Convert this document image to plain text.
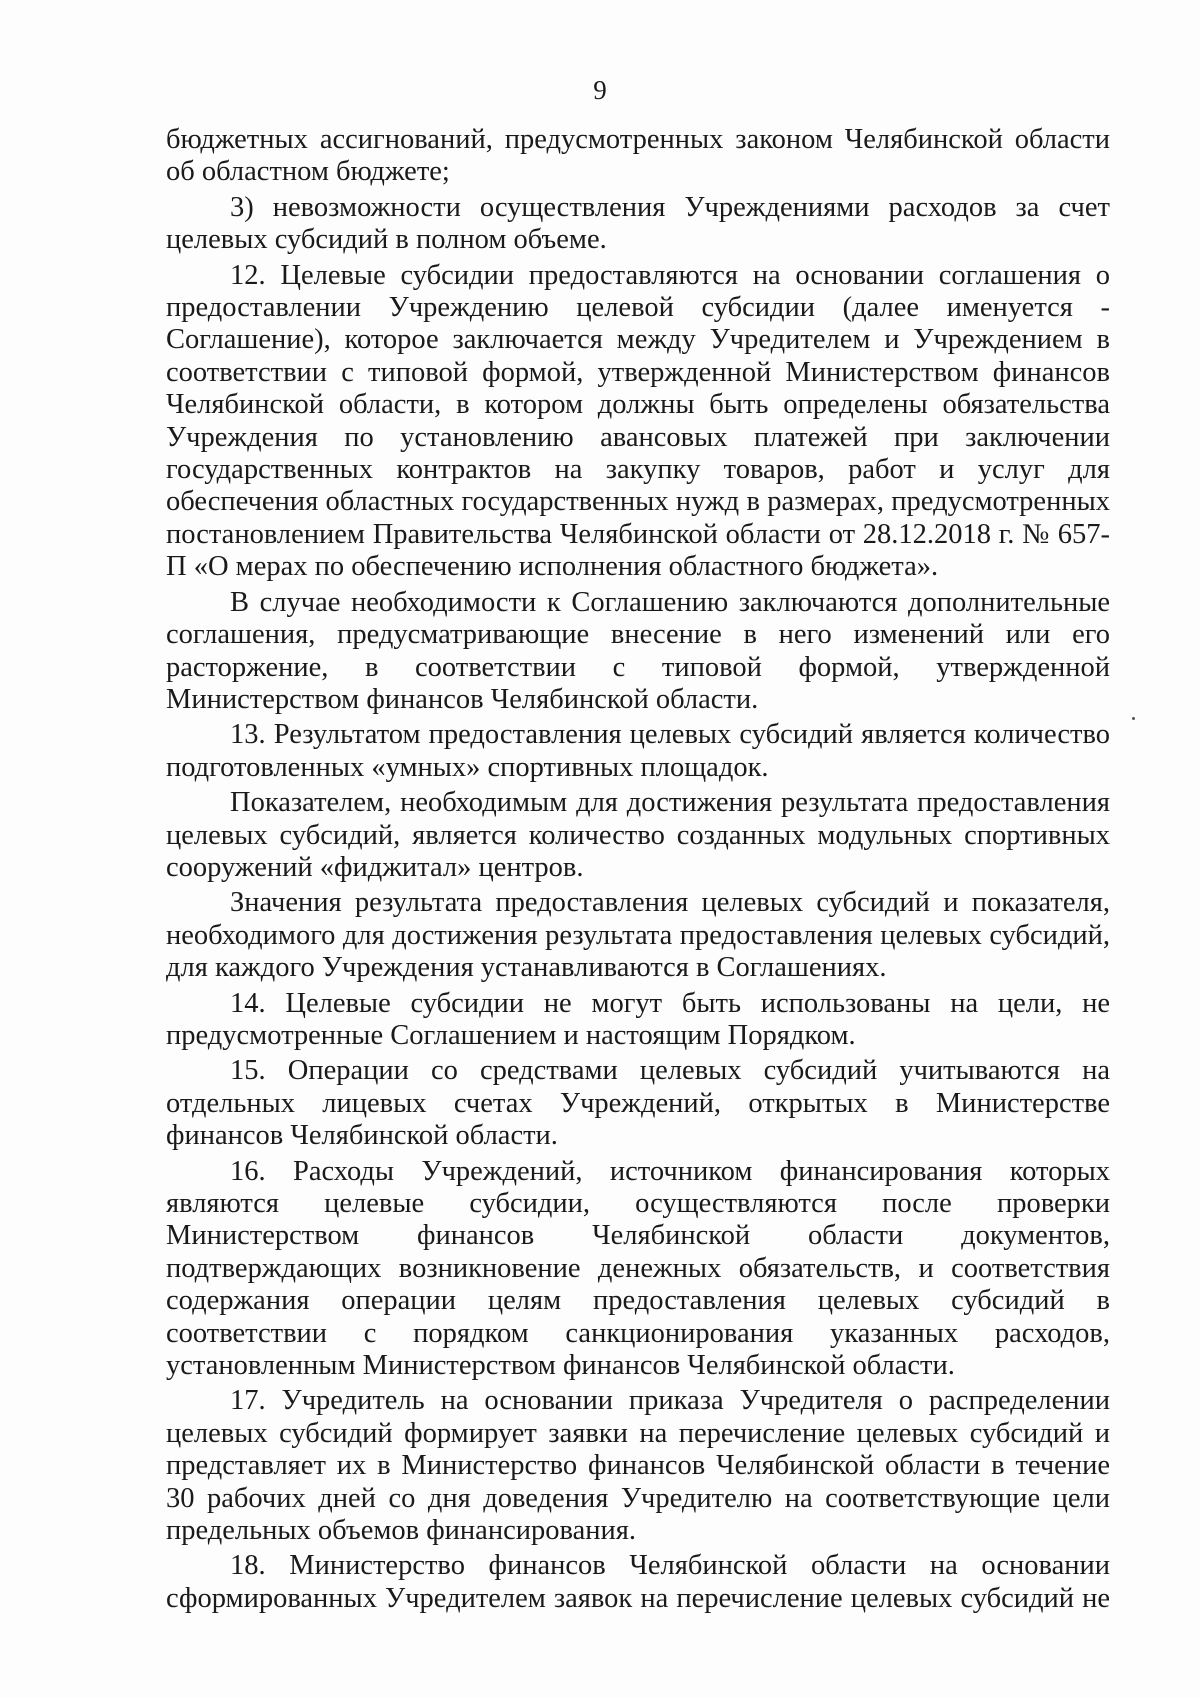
9

бюджетных ассигнований, предусмотренных законом Челябинской области об областном бюджете;

3) невозможности осуществления Учреждениями расходов за счет целевых субсидий в полном объеме.

12. Целевые субсидии предоставляются на основании соглашения о предоставлении Учреждению целевой субсидии (далее именуется - Соглашение), которое заключается между Учредителем и Учреждением в соответствии с типовой формой, утвержденной Министерством финансов Челябинской области, в котором должны быть определены обязательства Учреждения по установлению авансовых платежей при заключении государственных контрактов на закупку товаров, работ и услуг для обеспечения областных государственных нужд в размерах, предусмотренных постановлением Правительства Челябинской области от 28.12.2018 г. № 657-П «О мерах по обеспечению исполнения областного бюджета».

В случае необходимости к Соглашению заключаются дополнительные соглашения, предусматривающие внесение в него изменений или его расторжение, в соответствии с типовой формой, утвержденной Министерством финансов Челябинской области.

13. Результатом предоставления целевых субсидий является количество подготовленных «умных» спортивных площадок.

Показателем, необходимым для достижения результата предоставления целевых субсидий, является количество созданных модульных спортивных сооружений «фиджитал» центров.

Значения результата предоставления целевых субсидий и показателя, необходимого для достижения результата предоставления целевых субсидий, для каждого Учреждения устанавливаются в Соглашениях.

14. Целевые субсидии не могут быть использованы на цели, не предусмотренные Соглашением и настоящим Порядком.

15. Операции со средствами целевых субсидий учитываются на отдельных лицевых счетах Учреждений, открытых в Министерстве финансов Челябинской области.

16. Расходы Учреждений, источником финансирования которых являются целевые субсидии, осуществляются после проверки Министерством финансов Челябинской области документов, подтверждающих возникновение денежных обязательств, и соответствия содержания операции целям предоставления целевых субсидий в соответствии с порядком санкционирования указанных расходов, установленным Министерством финансов Челябинской области.

17. Учредитель на основании приказа Учредителя о распределении целевых субсидий формирует заявки на перечисление целевых субсидий и представляет их в Министерство финансов Челябинской области в течение 30 рабочих дней со дня доведения Учредителю на соответствующие цели предельных объемов финансирования.

18. Министерство финансов Челябинской области на основании сформированных Учредителем заявок на перечисление целевых субсидий не
